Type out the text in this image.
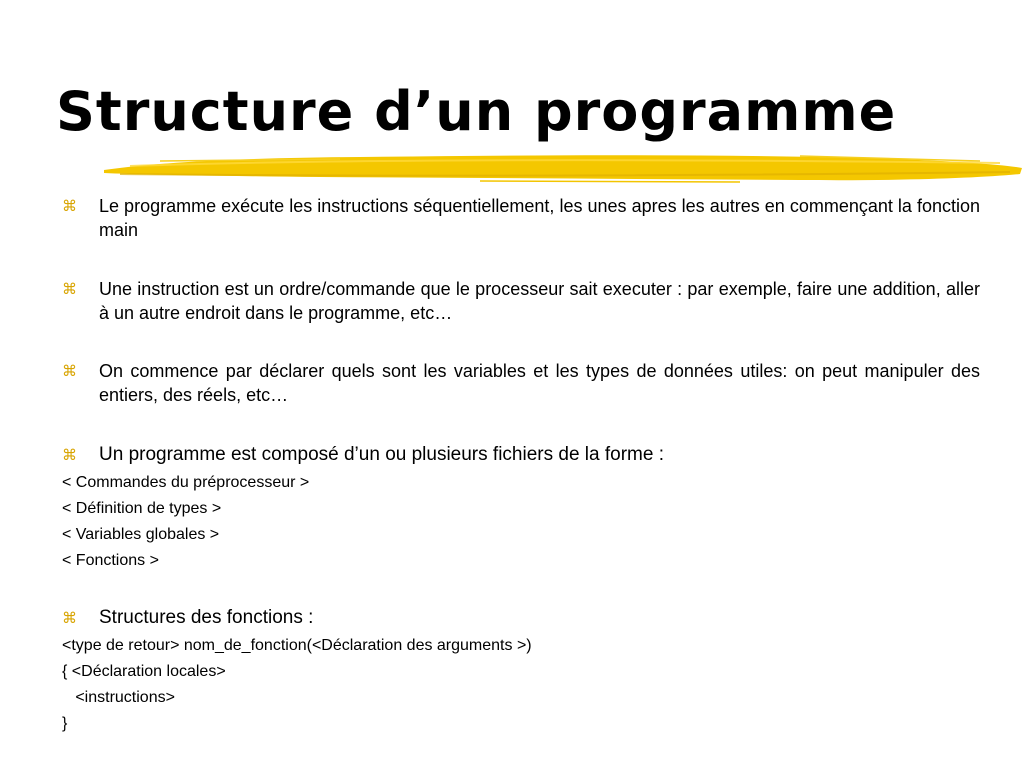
Structure d’un programme
⌘	Le programme exécute les instructions séquentiellement, les unes apres les autres en commençant la fonction main
⌘	Une instruction est un ordre/commande que le processeur sait executer : par exemple, faire une addition, aller à un autre endroit dans le programme, etc…
⌘	On commence par déclarer quels sont les variables et les types de données utiles: on peut manipuler des entiers, des réels, etc…
⌘	Un programme est composé d’un ou plusieurs fichiers de la forme :
< Commandes du préprocesseur >
< Définition de types >
< Variables globales >
< Fonctions >
⌘	Structures des fonctions :
<type de retour> nom_de_fonction(<Déclaration des arguments >)
{ <Déclaration locales>
<instructions>
}
